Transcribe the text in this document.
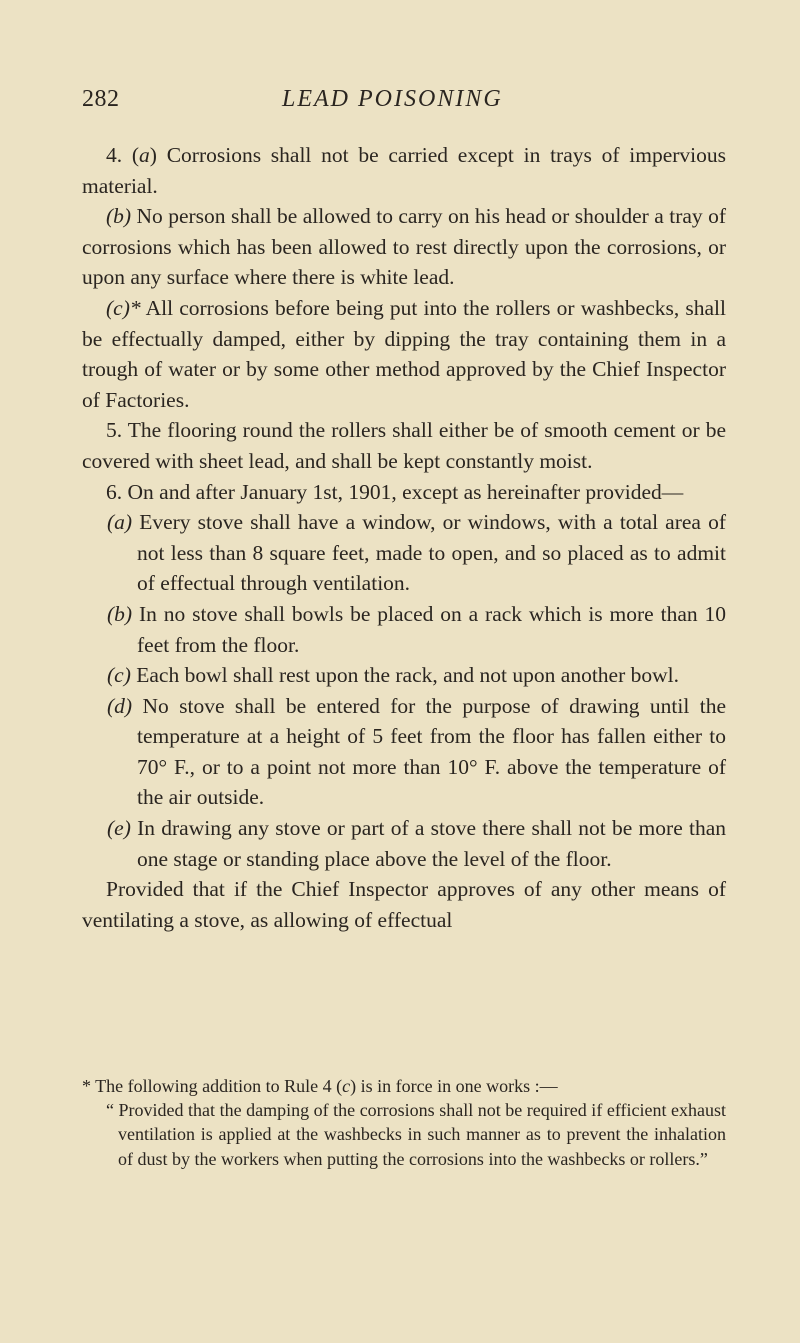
282	LEAD POISONING

4. (a) Corrosions shall not be carried except in trays of impervious material.

(b) No person shall be allowed to carry on his head or shoulder a tray of corrosions which has been allowed to rest directly upon the corrosions, or upon any surface where there is white lead.

(c)* All corrosions before being put into the rollers or washbecks, shall be effectually damped, either by dipping the tray containing them in a trough of water or by some other method approved by the Chief Inspector of Factories.

5. The flooring round the rollers shall either be of smooth cement or be covered with sheet lead, and shall be kept constantly moist.

6. On and after January 1st, 1901, except as hereinafter provided—

(a) Every stove shall have a window, or windows, with a total area of not less than 8 square feet, made to open, and so placed as to admit of effectual through ventilation.

(b) In no stove shall bowls be placed on a rack which is more than 10 feet from the floor.

(c) Each bowl shall rest upon the rack, and not upon another bowl.

(d) No stove shall be entered for the purpose of drawing until the temperature at a height of 5 feet from the floor has fallen either to 70° F., or to a point not more than 10° F. above the temperature of the air outside.

(e) In drawing any stove or part of a stove there shall not be more than one stage or standing place above the level of the floor.

Provided that if the Chief Inspector approves of any other means of ventilating a stove, as allowing of effectual

* The following addition to Rule 4 (c) is in force in one works :—

“ Provided that the damping of the corrosions shall not be required if efficient exhaust ventilation is applied at the washbecks in such manner as to prevent the inhalation of dust by the workers when putting the corrosions into the washbecks or rollers.”
